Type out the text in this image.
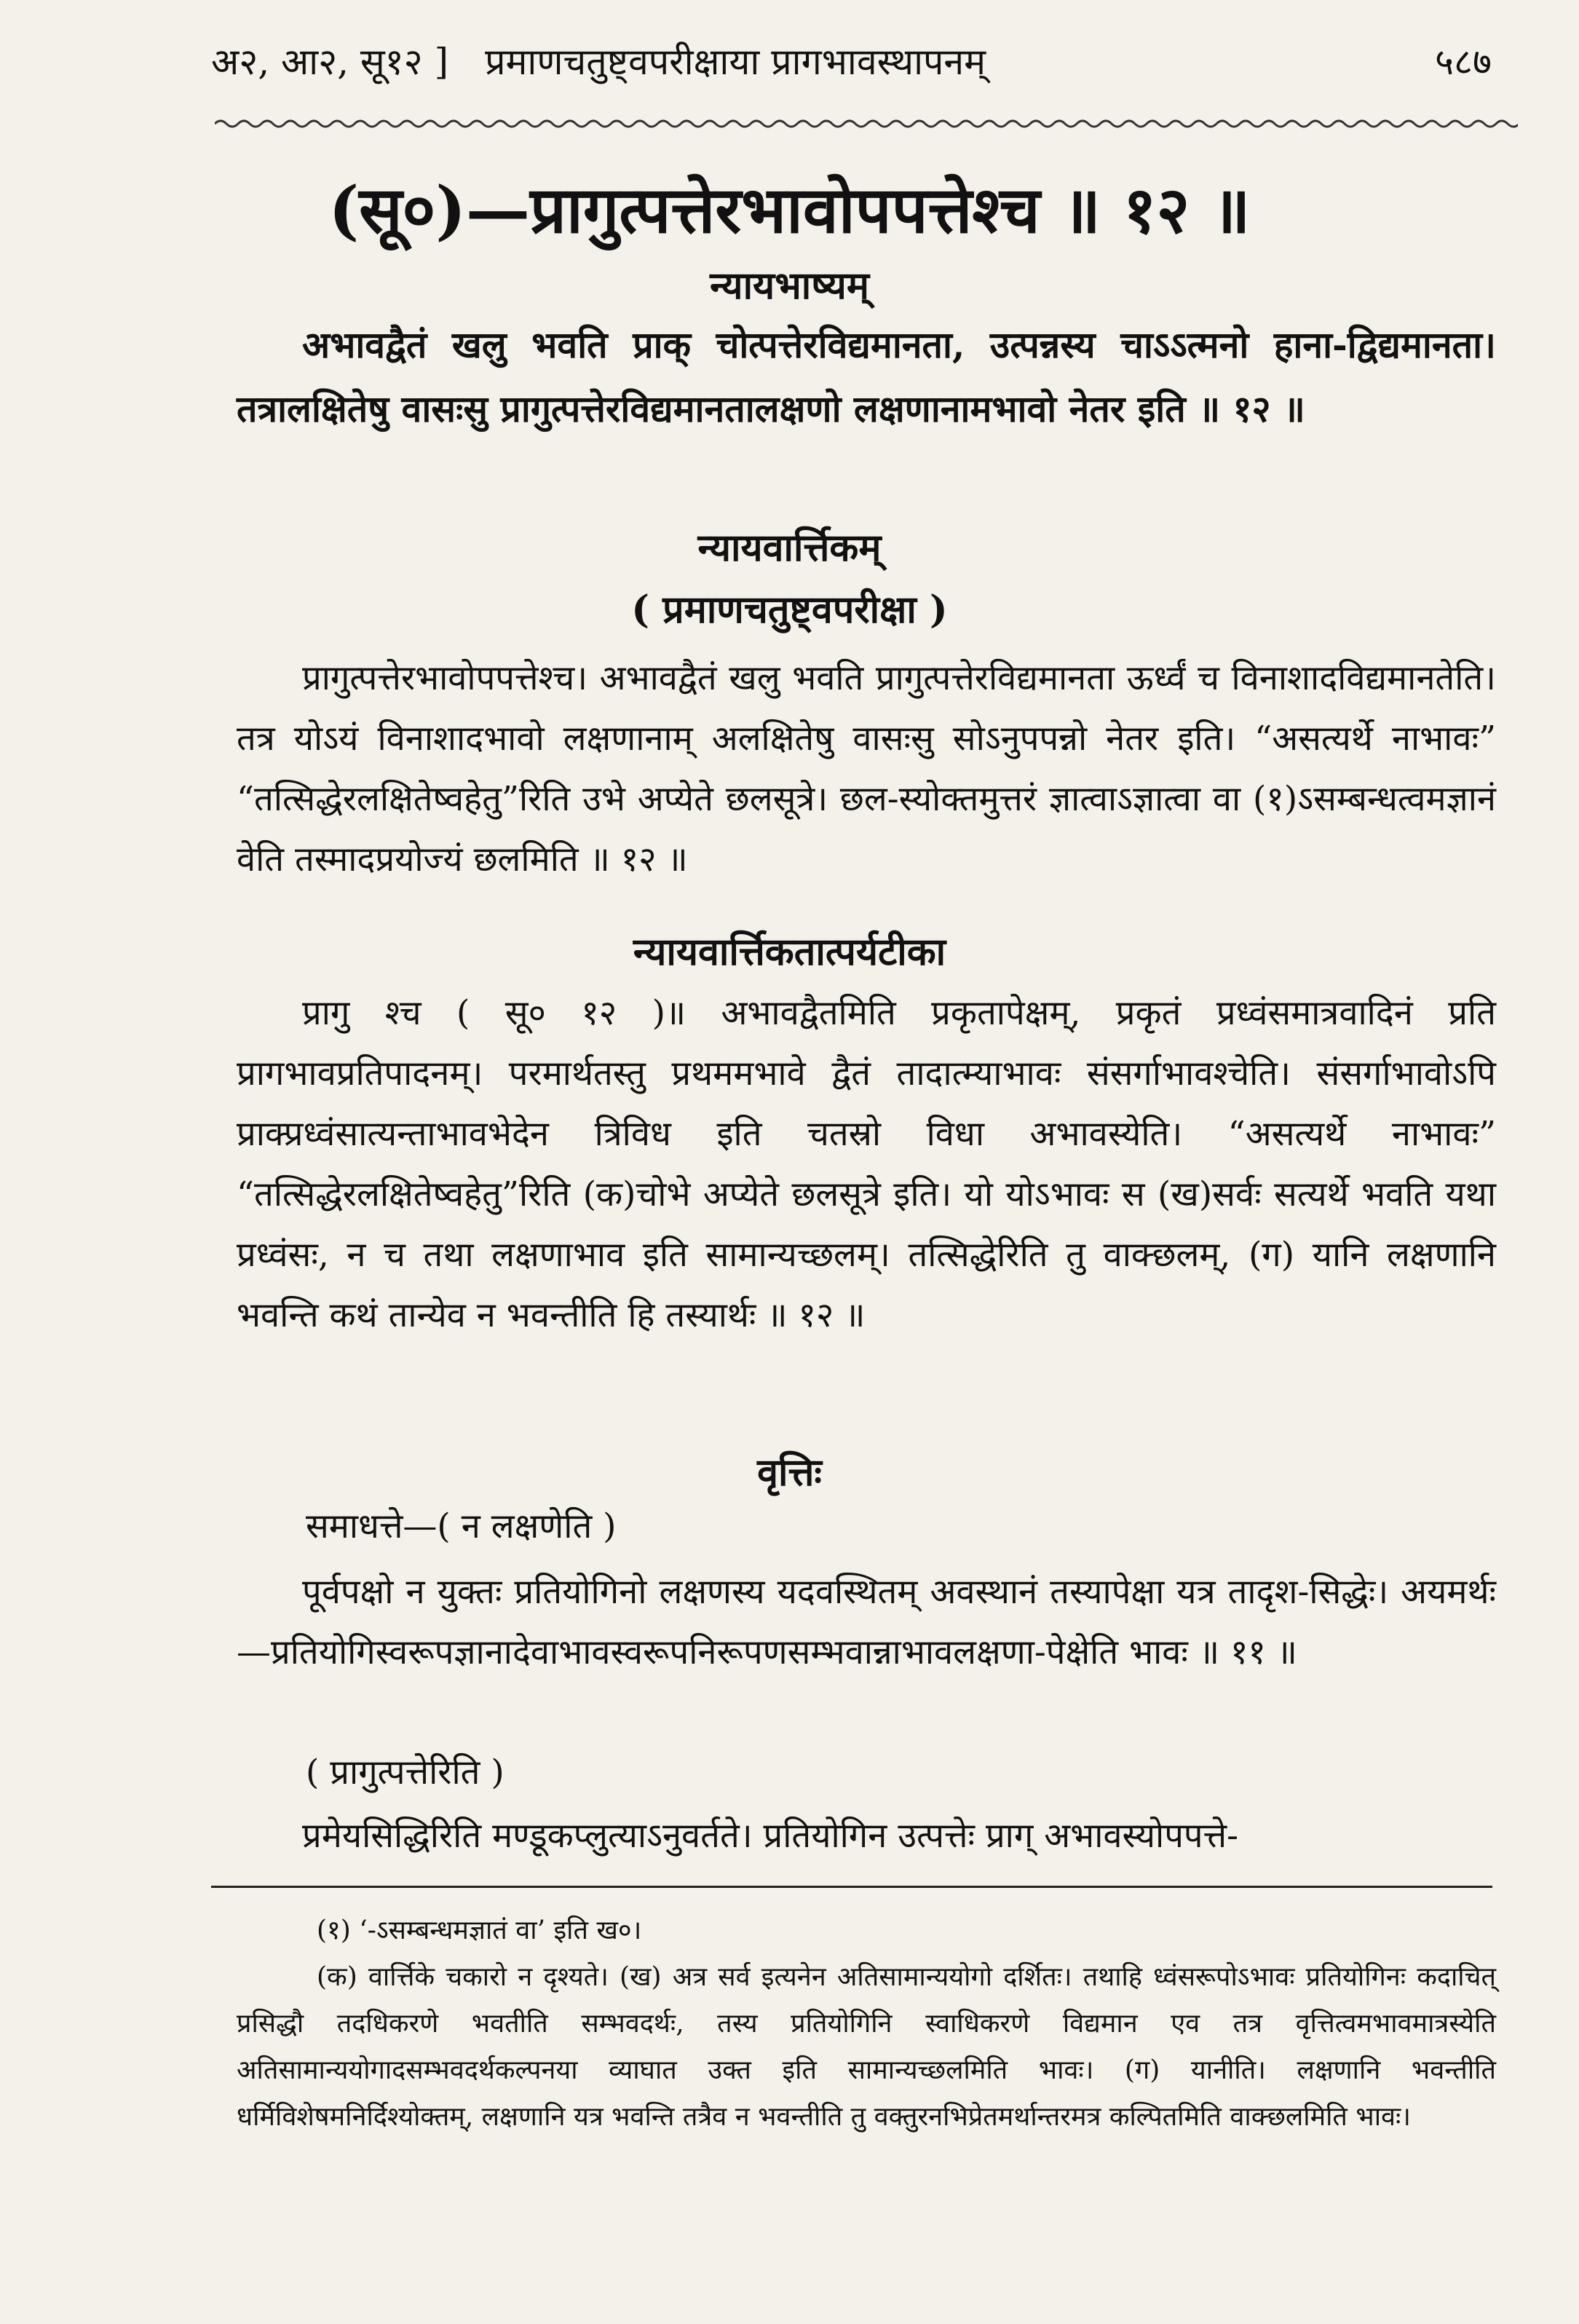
अ२, आ२, सू१२ ] प्रमाणचतुष्ट्वपरीक्षाया प्रागभावस्थापनम्	५८७
(सू०)—प्रागुत्पत्तेरभावोपपत्तेश्च ॥ १२ ॥
न्यायभाष्यम्
अभावद्वैतं खलु भवति प्राक् चोत्पत्तेरविद्यमानता, उत्पन्नस्य चाऽऽत्मनो हाना-द्विद्यमानता। तत्रालक्षितेषु वासःसु प्रागुत्पत्तेरविद्यमानतालक्षणो लक्षणानामभावो नेतर इति ॥ १२ ॥
न्यायवार्त्तिकम्
( प्रमाणचतुष्ट्वपरीक्षा )
प्रागुत्पत्तेरभावोपपत्तेश्च। अभावद्वैतं खलु भवति प्रागुत्पत्तेरविद्यमानता ऊर्ध्वं च विनाशादविद्यमानतेति। तत्र योऽयं विनाशादभावो लक्षणानाम् अलक्षितेषु वासःसु सोऽनुपपन्नो नेतर इति। “असत्यर्थे नाभावः” “तत्सिद्धेरलक्षितेष्वहेतु”रिति उभे अप्येते छलसूत्रे। छल-स्योक्तमुत्तरं ज्ञात्वाऽज्ञात्वा वा (१)ऽसम्बन्धत्वमज्ञानं वेति तस्मादप्रयोज्यं छलमिति ॥ १२ ॥
न्यायवार्त्तिकतात्पर्यटीका
प्रागु श्च ( सू० १२ )॥ अभावद्वैतमिति प्रकृतापेक्षम्, प्रकृतं प्रध्वंसमात्रवादिनं प्रति प्रागभावप्रतिपादनम्। परमार्थतस्तु प्रथममभावे द्वैतं तादात्म्याभावः संसर्गाभावश्चेति। संसर्गाभावोऽपि प्राक्प्रध्वंसात्यन्ताभावभेदेन त्रिविध इति चतस्रो विधा अभावस्येति। “असत्यर्थे नाभावः” “तत्सिद्धेरलक्षितेष्वहेतु”रिति (क)चोभे अप्येते छलसूत्रे इति। यो योऽभावः स (ख)सर्वः सत्यर्थे भवति यथा प्रध्वंसः, न च तथा लक्षणाभाव इति सामान्यच्छलम्। तत्सिद्धेरिति तु वाक्छलम्, (ग) यानि लक्षणानि भवन्ति कथं तान्येव न भवन्तीति हि तस्यार्थः ॥ १२ ॥
वृत्तिः
समाधत्ते—( न लक्षणेति )
पूर्वपक्षो न युक्तः प्रतियोगिनो लक्षणस्य यदवस्थितम् अवस्थानं तस्यापेक्षा यत्र तादृश-सिद्धेः। अयमर्थः—प्रतियोगिस्वरूपज्ञानादेवाभावस्वरूपनिरूपणसम्भवान्नाभावलक्षणा-पेक्षेति भावः ॥ ११ ॥
( प्रागुत्पत्तेरिति )
प्रमेयसिद्धिरिति मण्डूकप्लुत्याऽनुवर्तते। प्रतियोगिन उत्पत्तेः प्राग् अभावस्योपपत्ते-
(१) ‘-ऽसम्बन्धमज्ञातं वा’ इति ख०।
(क) वार्त्तिके चकारो न दृश्यते। (ख) अत्र सर्व इत्यनेन अतिसामान्ययोगो दर्शितः। तथाहि ध्वंसरूपोऽभावः प्रतियोगिनः कदाचित् प्रसिद्धौ तदधिकरणे भवतीति सम्भवदर्थः, तस्य प्रतियोगिनि स्वाधिकरणे विद्यमान एव तत्र वृत्तित्वमभावमात्रस्येति अतिसामान्ययोगादसम्भवदर्थकल्पनया व्याघात उक्त इति सामान्यच्छलमिति भावः। (ग) यानीति। लक्षणानि भवन्तीति धर्मिविशेषमनिर्दिश्योक्तम्, लक्षणानि यत्र भवन्ति तत्रैव न भवन्तीति तु वक्तुरनभिप्रेतमर्थान्तरमत्र कल्पितमिति वाक्छलमिति भावः।
